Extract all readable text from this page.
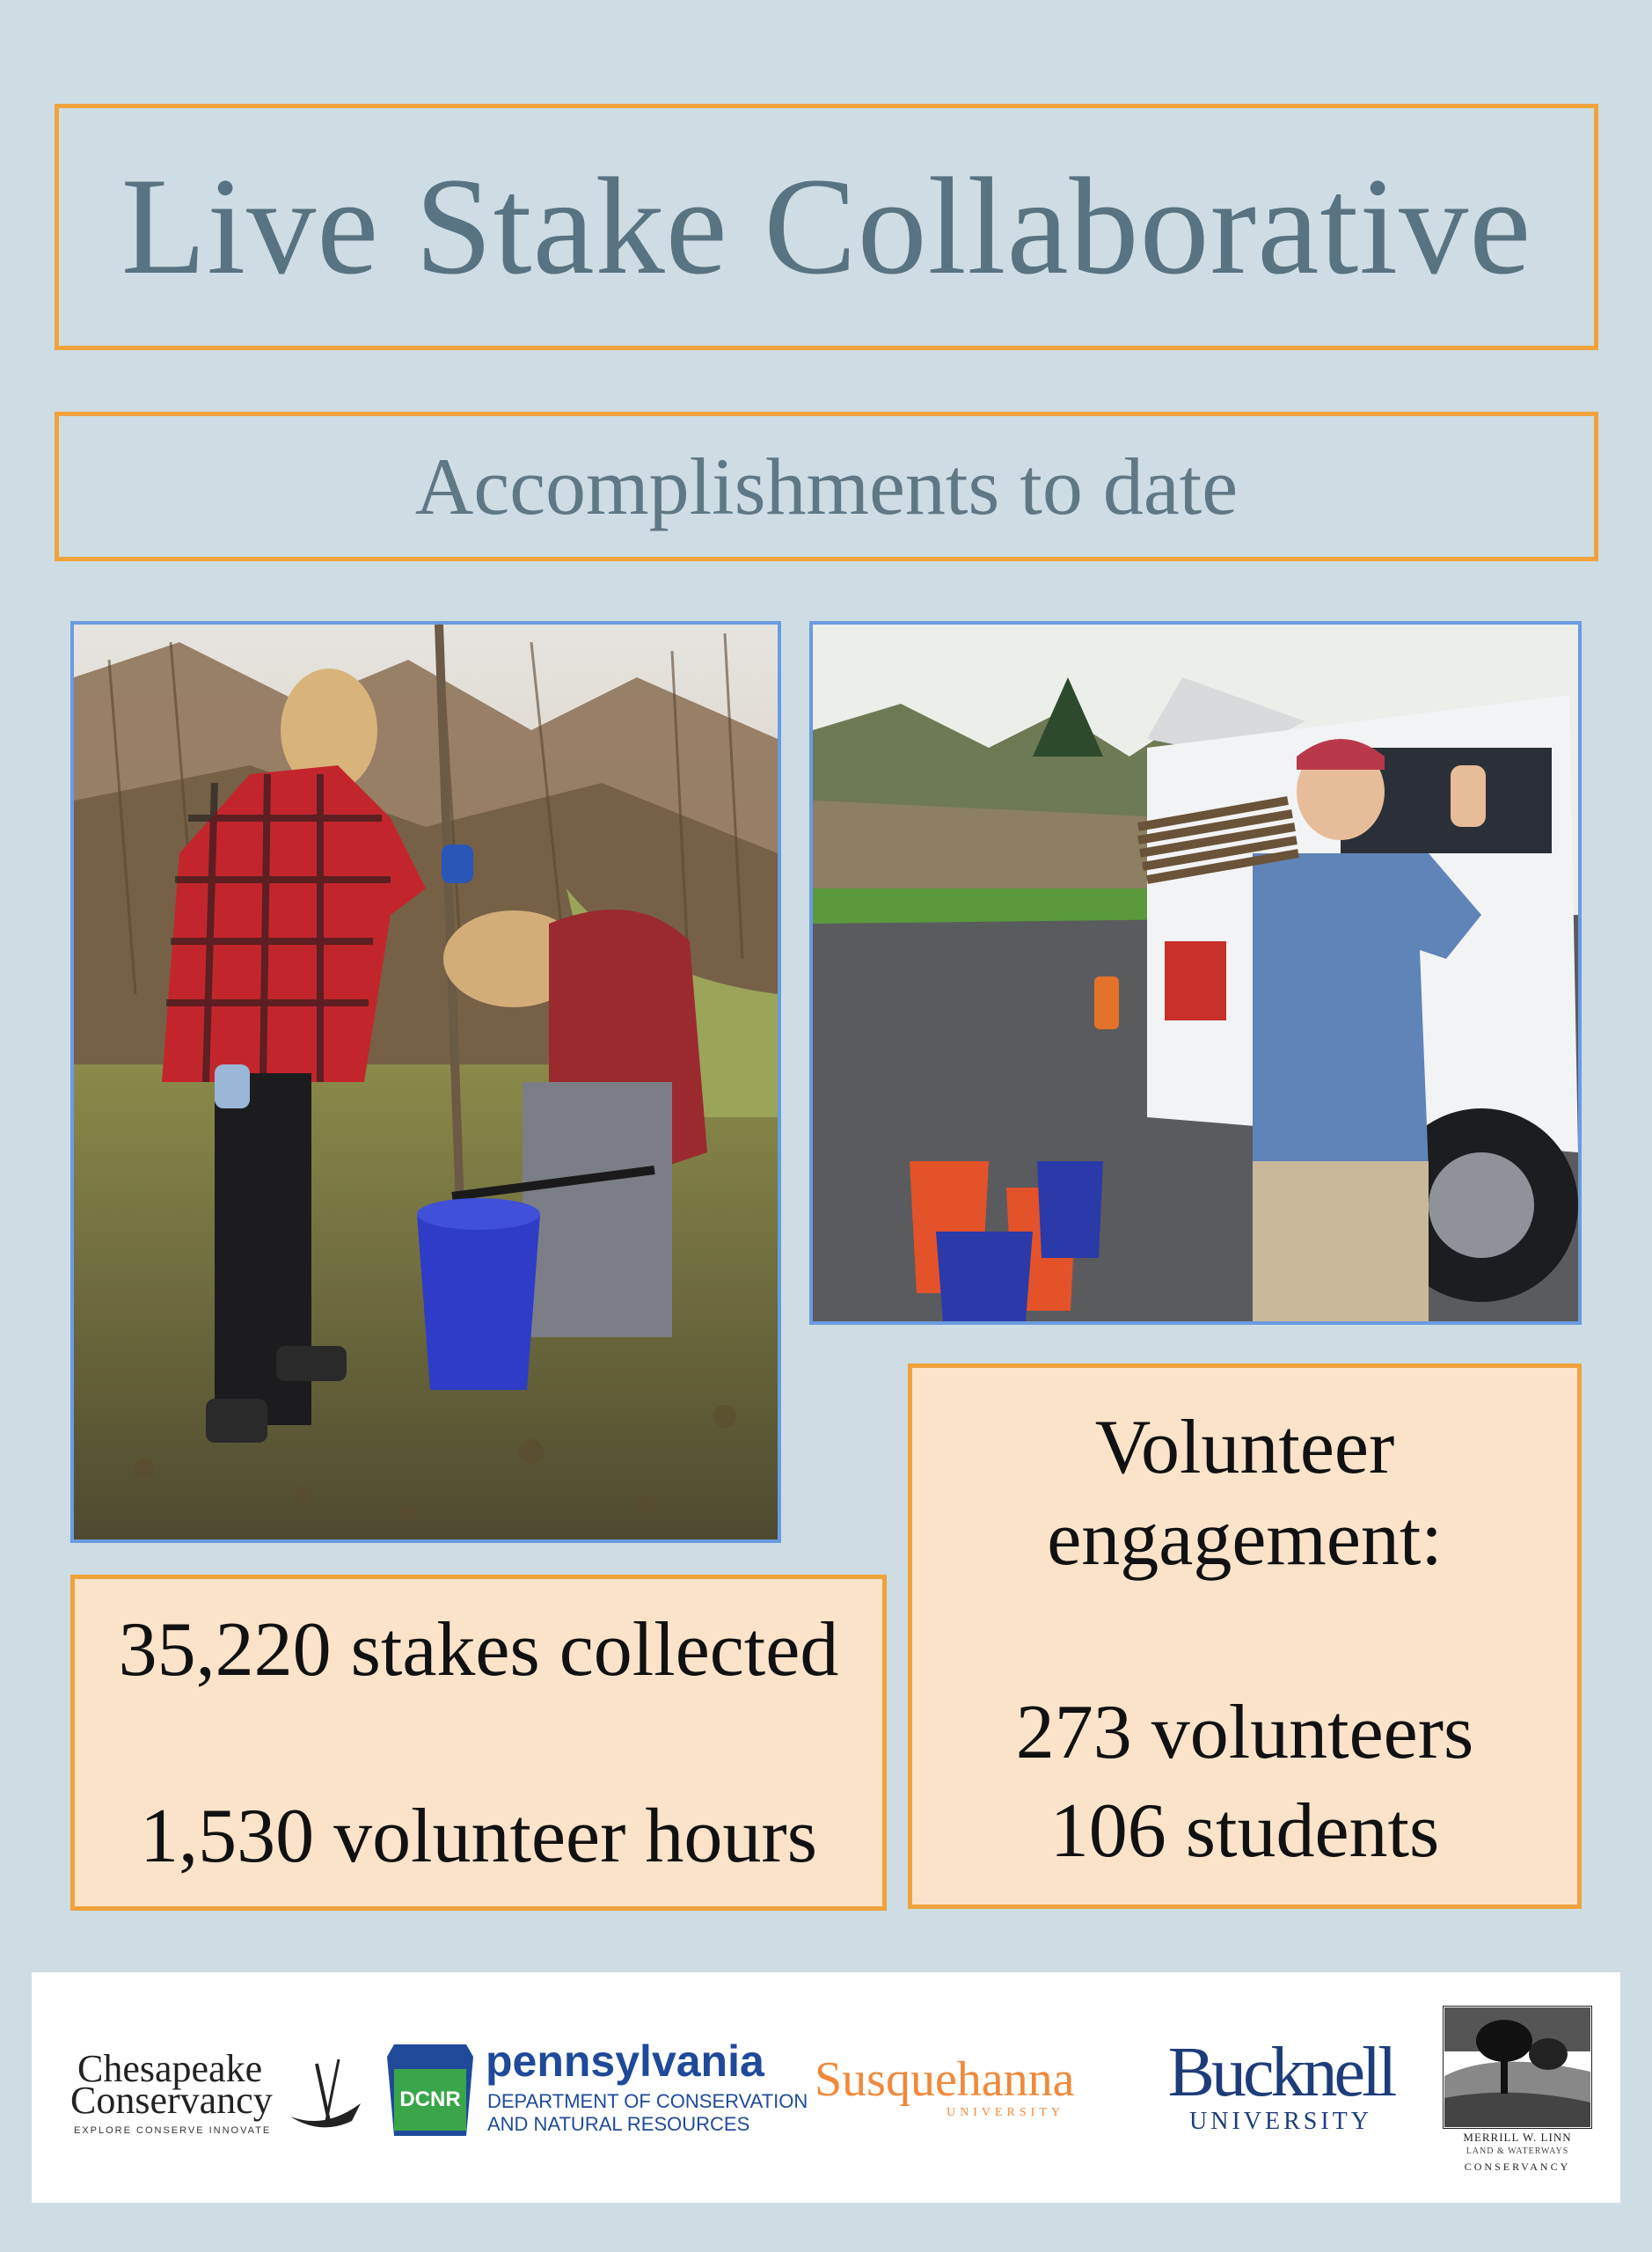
Live Stake Collaborative
Accomplishments to date
35,220 stakes collected
1,530 volunteer hours
Volunteer
engagement:
273 volunteers
106 students
Chesapeake
Conservancy
EXPLORE CONSERVE INNOVATE
DCNR
pennsylvania
DEPARTMENT OF CONSERVATION
AND NATURAL RESOURCES
Susquehanna
UNIVERSITY
Bucknell
UNIVERSITY
MERRILL W. LINN
LAND & WATERWAYS
CONSERVANCY
